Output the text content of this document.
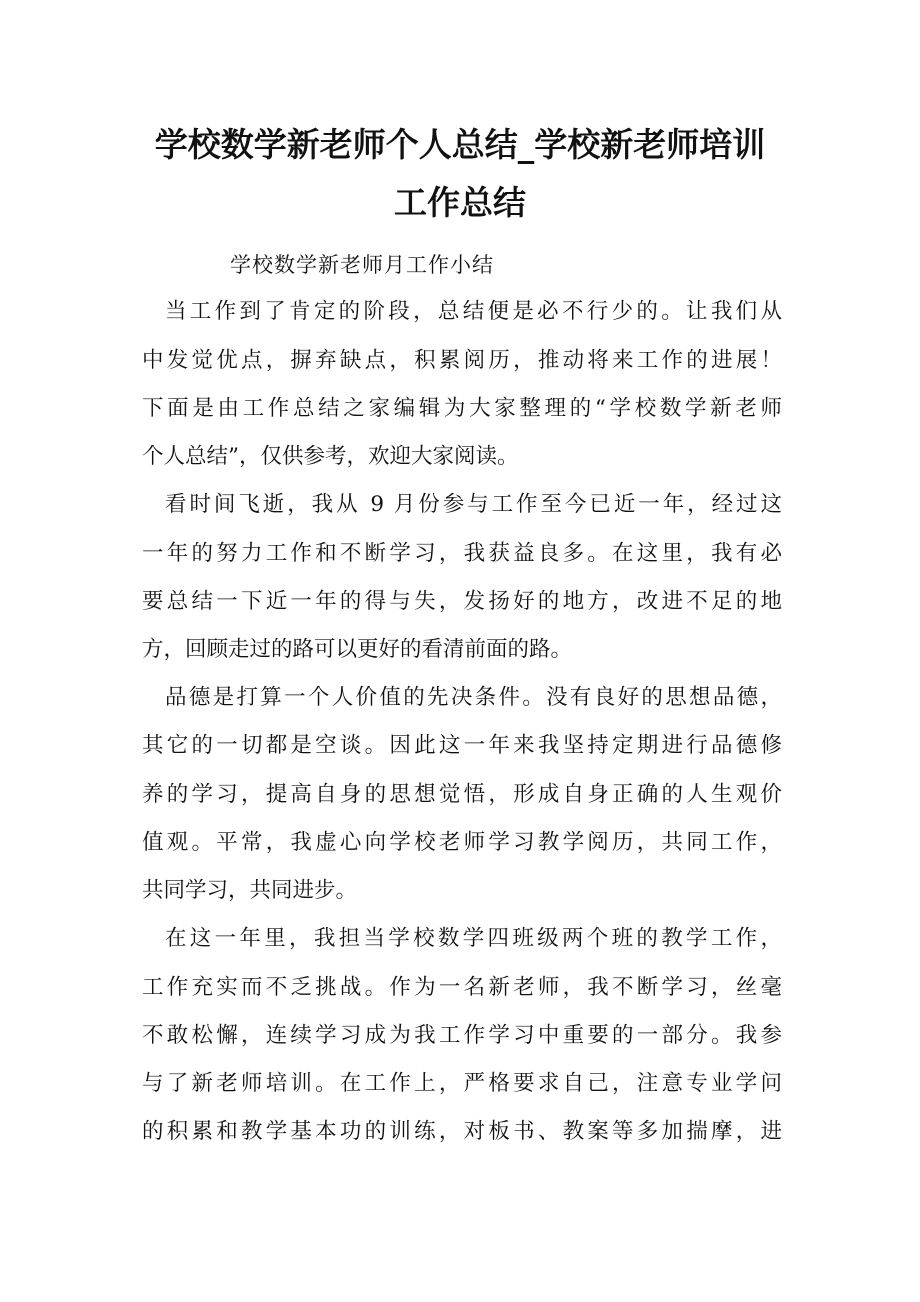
学校数学新老师个人总结_学校新老师培训
工作总结
学校数学新老师月工作小结
当工作到了肯定的阶段，总结便是必不行少的。让我们从
中发觉优点，摒弃缺点，积累阅历，推动将来工作的进展！
下面是由工作总结之家编辑为大家整理的“学校数学新老师
个人总结”，仅供参考，欢迎大家阅读。
看时间飞逝，我从 9 月份参与工作至今已近一年，经过这
一年的努力工作和不断学习，我获益良多。在这里，我有必
要总结一下近一年的得与失，发扬好的地方，改进不足的地
方，回顾走过的路可以更好的看清前面的路。
品德是打算一个人价值的先决条件。没有良好的思想品德，
其它的一切都是空谈。因此这一年来我坚持定期进行品德修
养的学习，提高自身的思想觉悟，形成自身正确的人生观价
值观。平常，我虚心向学校老师学习教学阅历，共同工作，
共同学习，共同进步。
在这一年里，我担当学校数学四班级两个班的教学工作，
工作充实而不乏挑战。作为一名新老师，我不断学习，丝毫
不敢松懈，连续学习成为我工作学习中重要的一部分。我参
与了新老师培训。在工作上，严格要求自己，注意专业学问
的积累和教学基本功的训练，对板书、教案等多加揣摩，进
